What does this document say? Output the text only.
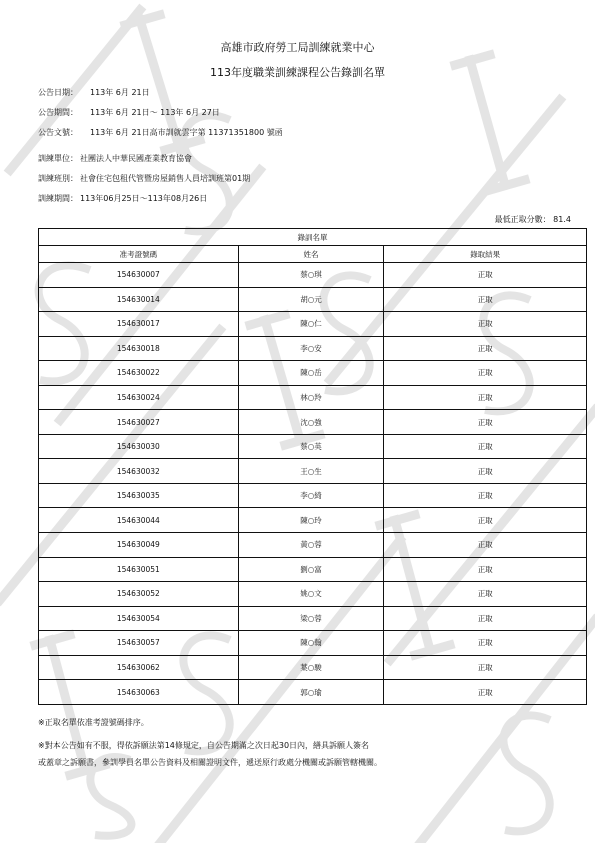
高雄市政府勞工局訓練就業中心
113年度職業訓練課程公告錄訓名單
公告日期： 113年 6月 21日
公告期間： 113年 6月 21日～ 113年 6月 27日
公告文號： 113年 6月 21日高市訓就雲字第 11371351800 號函
訓練單位： 社團法人中華民國產業教育協會
訓練班別： 社會住宅包租代管暨房屋銷售人員培訓班第01期
訓練期間： 113年06月25日～113年08月26日
最低正取分數： 81.4
錄訓名單		
准考證號碼	姓名	錄取結果
154630007	蔡○琪	正取
154630014	胡○元	正取
154630017	陳○仁	正取
154630018	李○安	正取
154630022	陳○岳	正取
154630024	林○羚	正取
154630027	沈○強	正取
154630030	蔡○英	正取
154630032	王○生	正取
154630035	李○綺	正取
154630044	陳○玲	正取
154630049	黃○蓉	正取
154630051	劉○富	正取
154630052	姚○文	正取
154630054	梁○蓉	正取
154630057	陳○翰	正取
154630062	葉○駿	正取
154630063	郭○瑜	正取
※正取名單依准考證號碼排序。
※對本公告如有不服，得依訴願法第14條規定，自公告期滿之次日起30日內，繕具訴願人簽名
或蓋章之訴願書，參訓學員名單公告資料及相關證明文件，遞送原行政處分機關或訴願管轄機關。
